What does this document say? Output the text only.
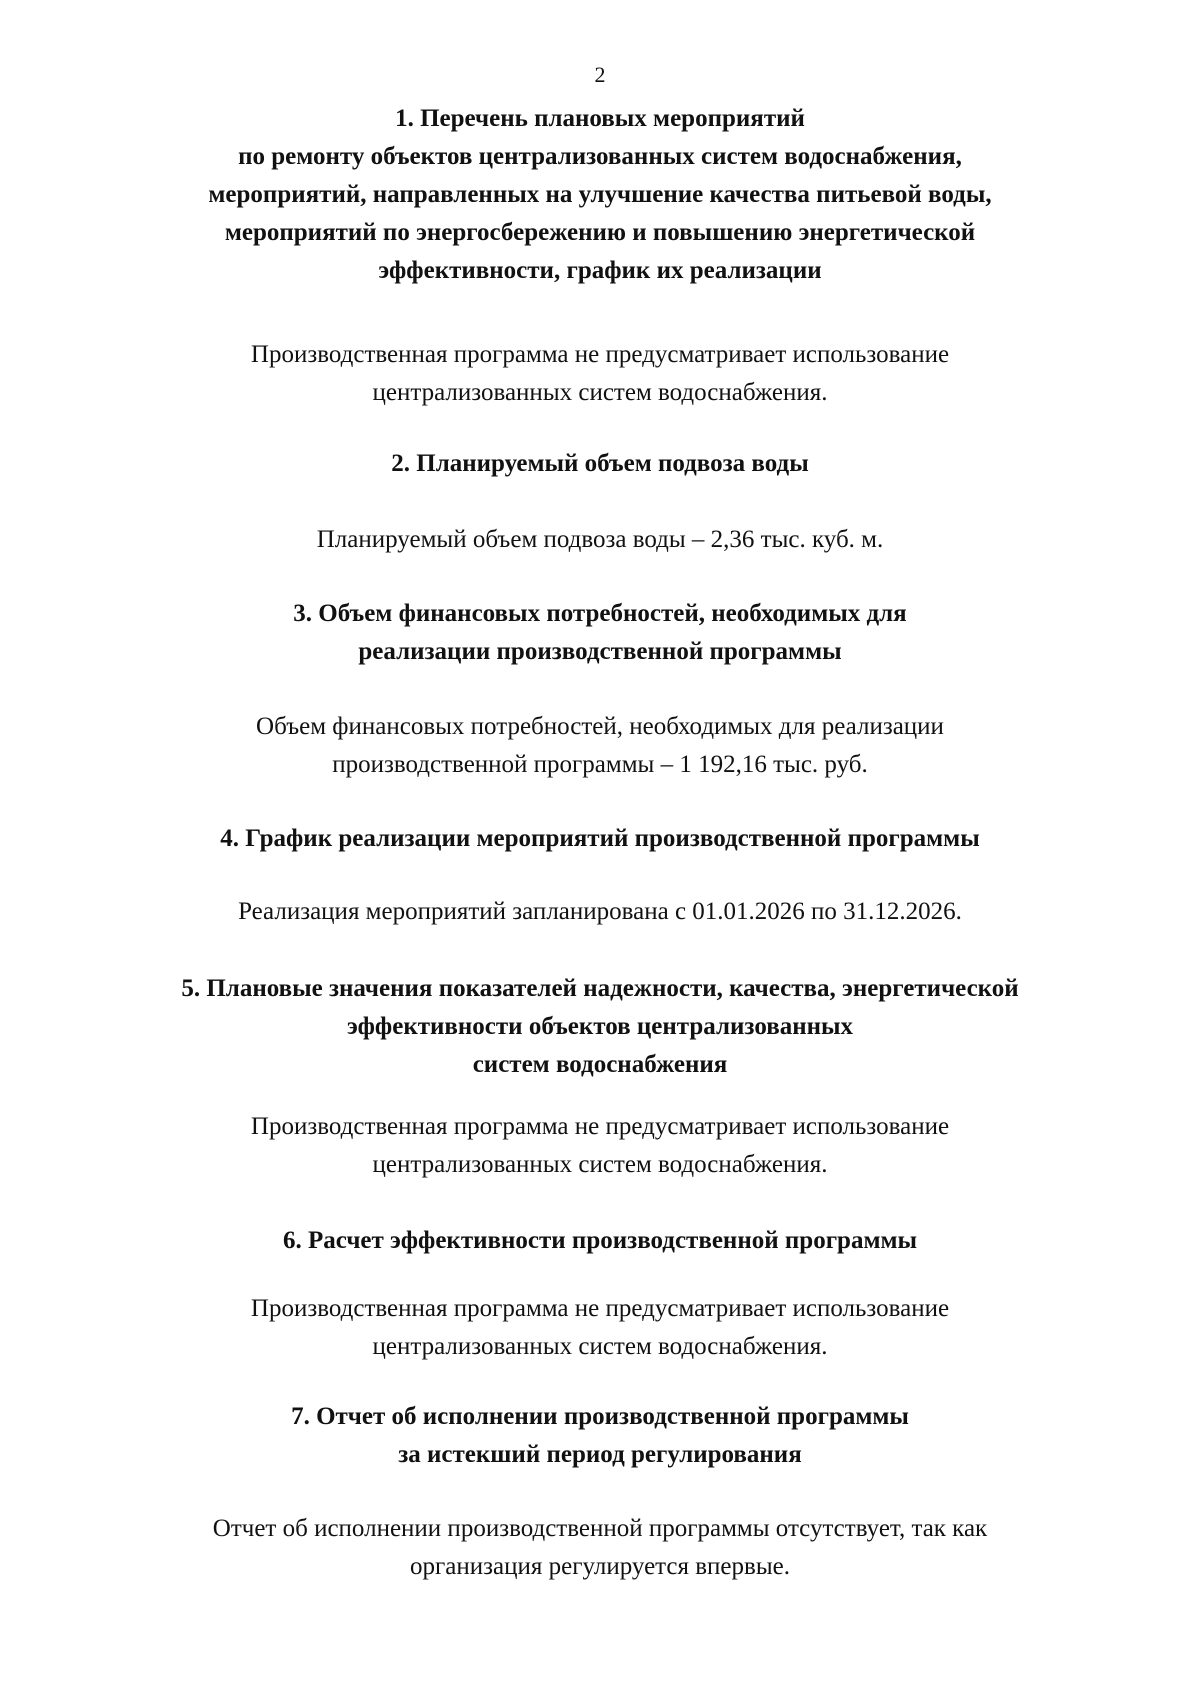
2
1. Перечень плановых мероприятий
по ремонту объектов централизованных систем водоснабжения,
мероприятий, направленных на улучшение качества питьевой воды,
мероприятий по энергосбережению и повышению энергетической
эффективности, график их реализации
Производственная программа не предусматривает использование
централизованных систем водоснабжения.
2. Планируемый объем подвоза воды
Планируемый объем подвоза воды – 2,36 тыс. куб. м.
3. Объем финансовых потребностей, необходимых для
реализации производственной программы
Объем финансовых потребностей, необходимых для реализации
производственной программы – 1 192,16 тыс. руб.
4. График реализации мероприятий производственной программы
Реализация мероприятий запланирована с 01.01.2026 по 31.12.2026.
5. Плановые значения показателей надежности, качества, энергетической
эффективности объектов централизованных
систем водоснабжения
Производственная программа не предусматривает использование
централизованных систем водоснабжения.
6. Расчет эффективности производственной программы
Производственная программа не предусматривает использование
централизованных систем водоснабжения.
7. Отчет об исполнении производственной программы
за истекший период регулирования
Отчет об исполнении производственной программы отсутствует, так как
организация регулируется впервые.
